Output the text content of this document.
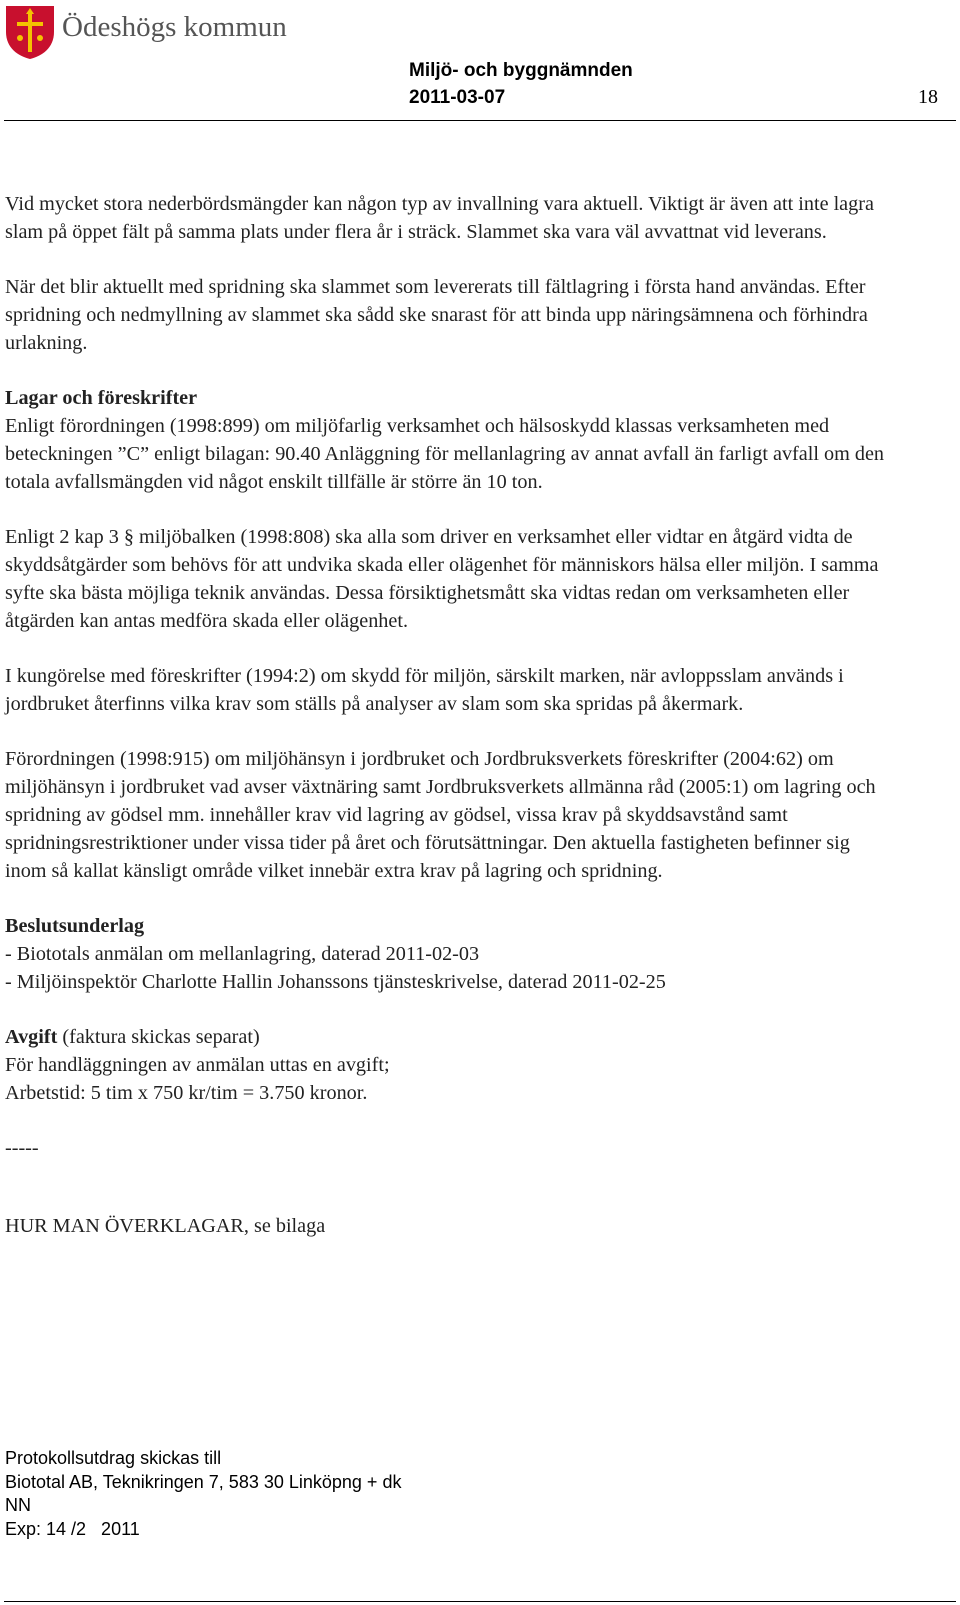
Ödeshögs kommun
Miljö- och byggnämnden
2011-03-07	18

Vid mycket stora nederbördsmängder kan någon typ av invallning vara aktuell. Viktigt är även att inte lagra slam på öppet fält på samma plats under flera år i sträck. Slammet ska vara väl avvattnat vid leverans.

När det blir aktuellt med spridning ska slammet som levererats till fältlagring i första hand användas. Efter spridning och nedmyllning av slammet ska sådd ske snarast för att binda upp näringsämnena och förhindra urlakning.

Lagar och föreskrifter

Enligt förordningen (1998:899) om miljöfarlig verksamhet och hälsoskydd klassas verksamheten med beteckningen ”C” enligt bilagan: 90.40 Anläggning för mellanlagring av annat avfall än farligt avfall om den totala avfallsmängden vid något enskilt tillfälle är större än 10 ton.

Enligt 2 kap 3 § miljöbalken (1998:808) ska alla som driver en verksamhet eller vidtar en åtgärd vidta de skyddsåtgärder som behövs för att undvika skada eller olägenhet för människors hälsa eller miljön. I samma syfte ska bästa möjliga teknik användas. Dessa försiktighetsmått ska vidtas redan om verksamheten eller åtgärden kan antas medföra skada eller olägenhet.

I kungörelse med föreskrifter (1994:2) om skydd för miljön, särskilt marken, när avloppsslam används i jordbruket återfinns vilka krav som ställs på analyser av slam som ska spridas på åkermark.

Förordningen (1998:915) om miljöhänsyn i jordbruket och Jordbruksverkets föreskrifter (2004:62) om miljöhänsyn i jordbruket vad avser växtnäring samt Jordbruksverkets allmänna råd (2005:1) om lagring och spridning av gödsel mm. innehåller krav vid lagring av gödsel, vissa krav på skyddsavstånd samt spridningsrestriktioner under vissa tider på året och förutsättningar. Den aktuella fastigheten befinner sig inom så kallat känsligt område vilket innebär extra krav på lagring och spridning.

Beslutsunderlag
- Biototals anmälan om mellanlagring, daterad 2011-02-03

- Miljöinspektör Charlotte Hallin Johanssons tjänsteskrivelse, daterad 2011-02-25

Avgift (faktura skickas separat)
För handläggningen av anmälan uttas en avgift;

Arbetstid: 5 tim x 750 kr/tim = 3.750 kronor.

-----
HUR MAN ÖVERKLAGAR, se bilaga
Protokollsutdrag skickas till
Biototal AB, Teknikringen 7, 583 30 Linköpng + dk
NN
Exp: 14 /2   2011
